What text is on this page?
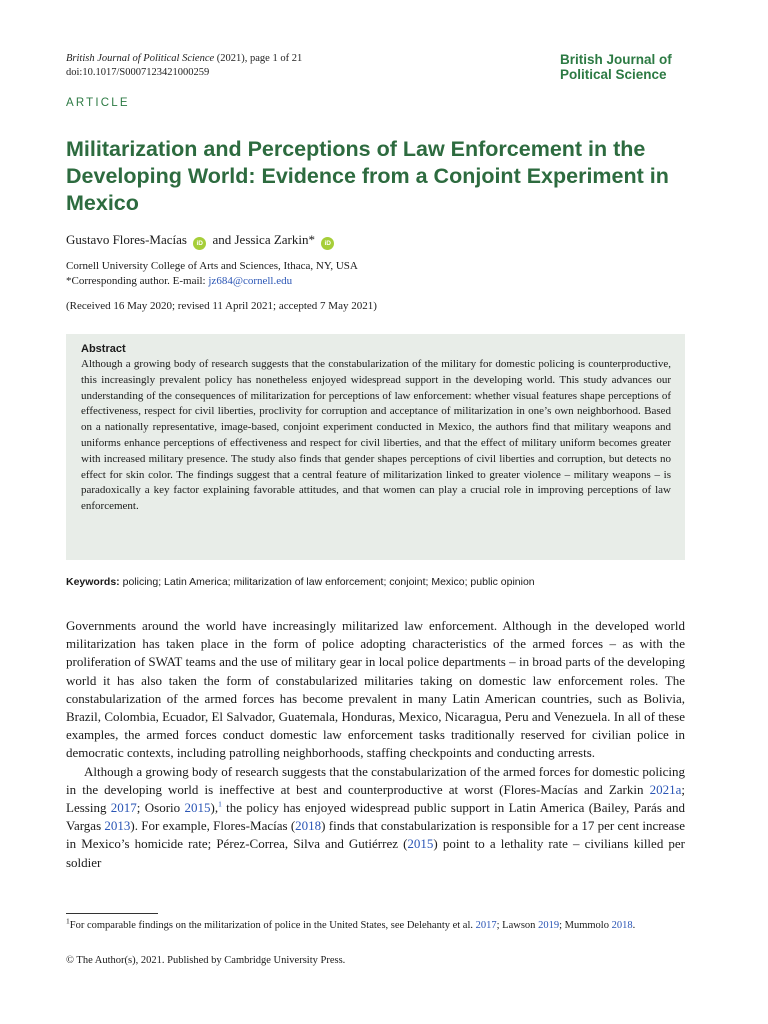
British Journal of Political Science (2021), page 1 of 21
doi:10.1017/S0007123421000259
British Journal of
Political Science
ARTICLE
Militarization and Perceptions of Law Enforcement in the Developing World: Evidence from a Conjoint Experiment in Mexico
Gustavo Flores-Macías iD and Jessica Zarkin* iD
Cornell University College of Arts and Sciences, Ithaca, NY, USA
*Corresponding author. E-mail: jz684@cornell.edu
(Received 16 May 2020; revised 11 April 2021; accepted 7 May 2021)
Abstract
Although a growing body of research suggests that the constabularization of the military for domestic policing is counterproductive, this increasingly prevalent policy has nonetheless enjoyed widespread support in the developing world. This study advances our understanding of the consequences of militarization for perceptions of law enforcement: whether visual features shape perceptions of effectiveness, respect for civil liberties, proclivity for corruption and acceptance of militarization in one’s own neighborhood. Based on a nationally representative, image-based, conjoint experiment conducted in Mexico, the authors find that military weapons and uniforms enhance perceptions of effectiveness and respect for civil liberties, and that the effect of military uniform becomes greater with increased military presence. The study also finds that gender shapes perceptions of civil liberties and corruption, but detects no effect for skin color. The findings suggest that a central feature of militarization linked to greater violence – military weapons – is paradoxically a key factor explaining favorable attitudes, and that women can play a crucial role in improving perceptions of law enforcement.
Keywords: policing; Latin America; militarization of law enforcement; conjoint; Mexico; public opinion

Governments around the world have increasingly militarized law enforcement. Although in the developed world militarization has taken place in the form of police adopting characteristics of the armed forces – as with the proliferation of SWAT teams and the use of military gear in local police departments – in broad parts of the developing world it has also taken the form of constabularized militaries taking on domestic law enforcement roles. The constabularization of the armed forces has become prevalent in many Latin American countries, such as Bolivia, Brazil, Colombia, Ecuador, El Salvador, Guatemala, Honduras, Mexico, Nicaragua, Peru and Venezuela. In all of these examples, the armed forces conduct domestic law enforcement tasks traditionally reserved for civilian police in democratic contexts, including patrolling neighborhoods, staffing checkpoints and conducting arrests.

Although a growing body of research suggests that the constabularization of the armed forces for domestic policing in the developing world is ineffective at best and counterproductive at worst (Flores-Macías and Zarkin 2021a; Lessing 2017; Osorio 2015),$^1$ the policy has enjoyed widespread public support in Latin America (Bailey, Parás and Vargas 2013). For example, Flores-Macías (2018) finds that constabularization is responsible for a 17 per cent increase in Mexico’s homicide rate; Pérez-Correa, Silva and Gutiérrez (2015) point to a lethality rate – civilians killed per soldier

$^1$For comparable findings on the militarization of police in the United States, see Delehanty et al. 2017; Lawson 2019; Mummolo 2018.
© The Author(s), 2021. Published by Cambridge University Press.
